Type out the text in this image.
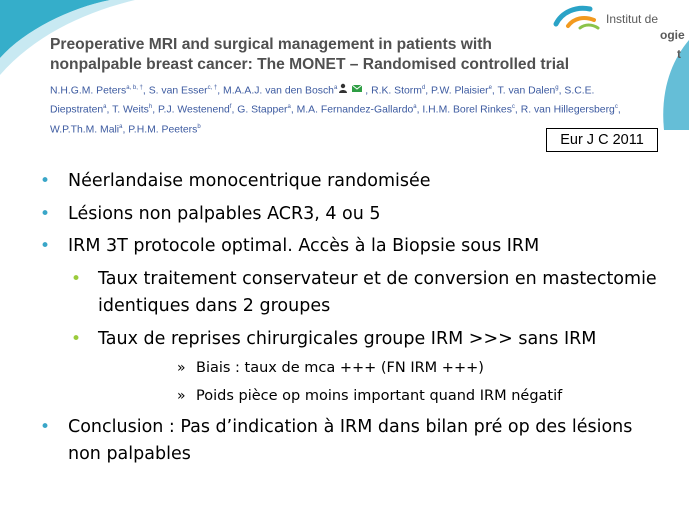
Institut de
ogie
t
Preoperative MRI and surgical management in patients with
nonpalpable breast cancer: The MONET – Randomised controlled trial
N.H.G.M. Peters$^{a, b, \dagger}$, S. van Esser$^{c, \dagger}$, M.A.A.J. van den Bosch$^a$	, R.K. Storm$^d$, P.W. Plaisier$^e$, T. van Dalen$^g$, S.C.E. Diepstraten$^a$, T. Weits$^h$, P.J. Westenend$^f$, G. Stapper$^a$, M.A. Fernandez-Gallardo$^a$, I.H.M. Borel Rinkes$^c$, R. van Hillegersberg$^c$, W.P.Th.M. Mali$^a$, P.H.M. Peeters$^b$
Eur J C 2011
• Néerlandaise monocentrique randomisée
• Lésions non palpables ACR3, 4 ou 5
• IRM 3T protocole optimal. Accès à la Biopsie sous IRM
• Taux traitement conservateur et de conversion en mastectomie identiques dans 2 groupes
• Taux de reprises chirurgicales groupe IRM >>> sans IRM
» Biais : taux de mca +++ (FN IRM +++)
» Poids pièce op moins important quand IRM négatif
• Conclusion : Pas d’indication à IRM dans bilan pré op des lésions non palpables
